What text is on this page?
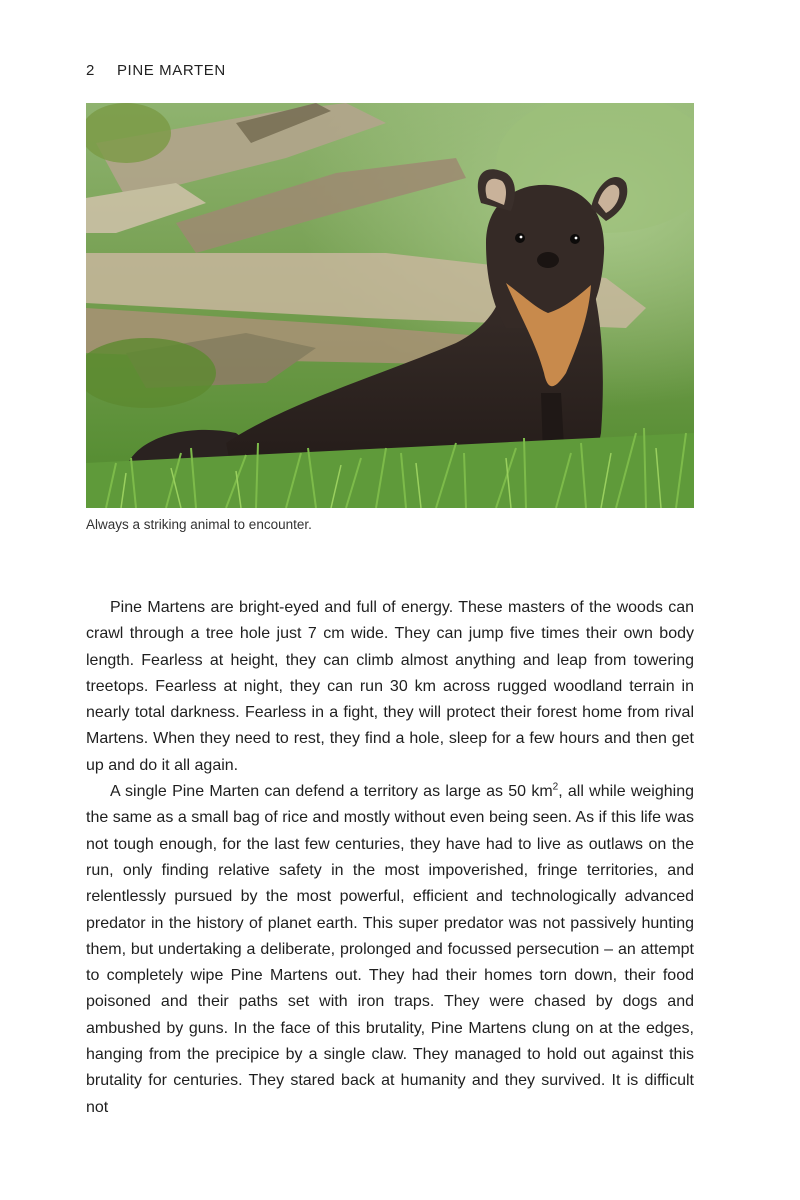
2 PINE MARTEN
Always a striking animal to encounter.

Pine Martens are bright-eyed and full of energy. These masters of the woods can crawl through a tree hole just 7 cm wide. They can jump five times their own body length. Fearless at height, they can climb almost anything and leap from towering treetops. Fearless at night, they can run 30 km across rugged woodland terrain in nearly total darkness. Fearless in a fight, they will protect their forest home from rival Martens. When they need to rest, they find a hole, sleep for a few hours and then get up and do it all again.

A single Pine Marten can defend a territory as large as 50 $km^2$, all while weighing the same as a small bag of rice and mostly without even being seen. As if this life was not tough enough, for the last few centuries, they have had to live as outlaws on the run, only finding relative safety in the most impoverished, fringe territories, and relentlessly pursued by the most powerful, efficient and technologically advanced predator in the history of planet earth. This super predator was not passively hunting them, but undertaking a deliberate, prolonged and focussed persecution – an attempt to completely wipe Pine Martens out. They had their homes torn down, their food poisoned and their paths set with iron traps. They were chased by dogs and ambushed by guns. In the face of this brutality, Pine Martens clung on at the edges, hanging from the precipice by a single claw. They managed to hold out against this brutality for centuries. They stared back at humanity and they survived. It is difficult not
